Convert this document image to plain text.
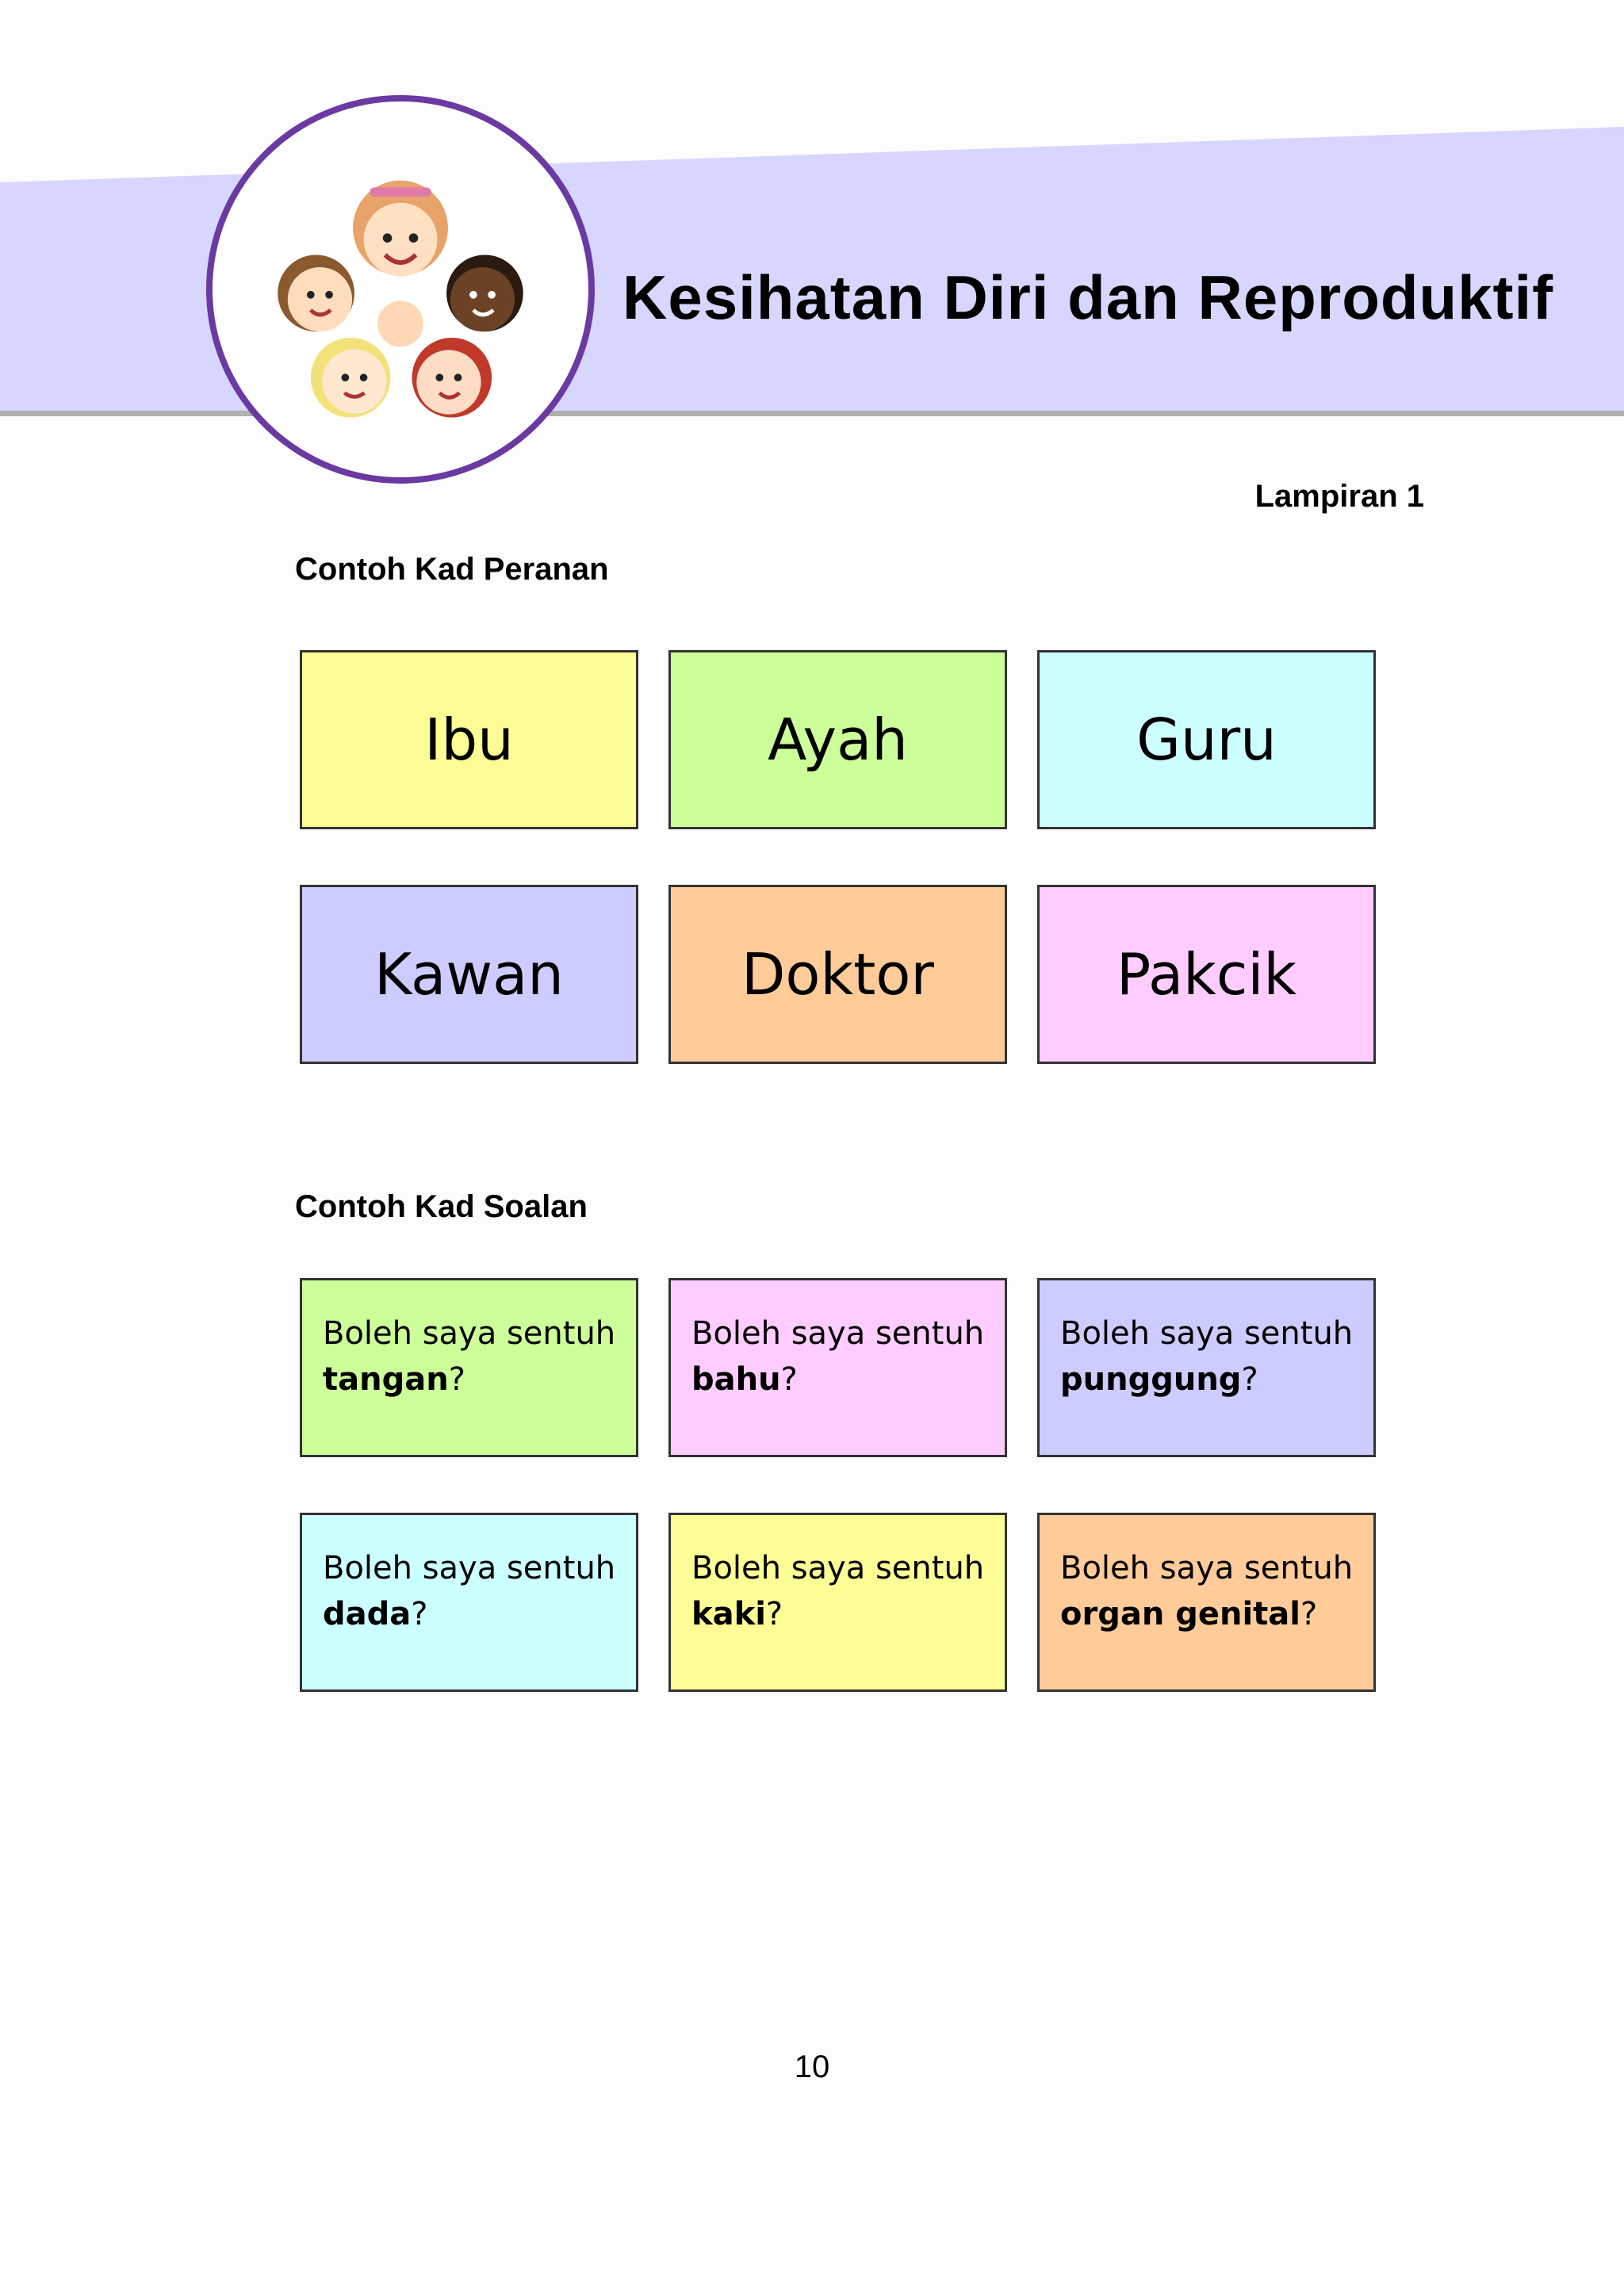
Kesihatan Diri dan Reproduktif
Lampiran 1
Contoh Kad Peranan
Ibu	Ayah	Guru
Kawan	Doktor	Pakcik
Contoh Kad Soalan
Boleh saya sentuh
tangan?
Boleh saya sentuh
bahu?
Boleh saya sentuh
punggung?
Boleh saya sentuh
dada?
Boleh saya sentuh
kaki?
Boleh saya sentuh
organ genital?
10
